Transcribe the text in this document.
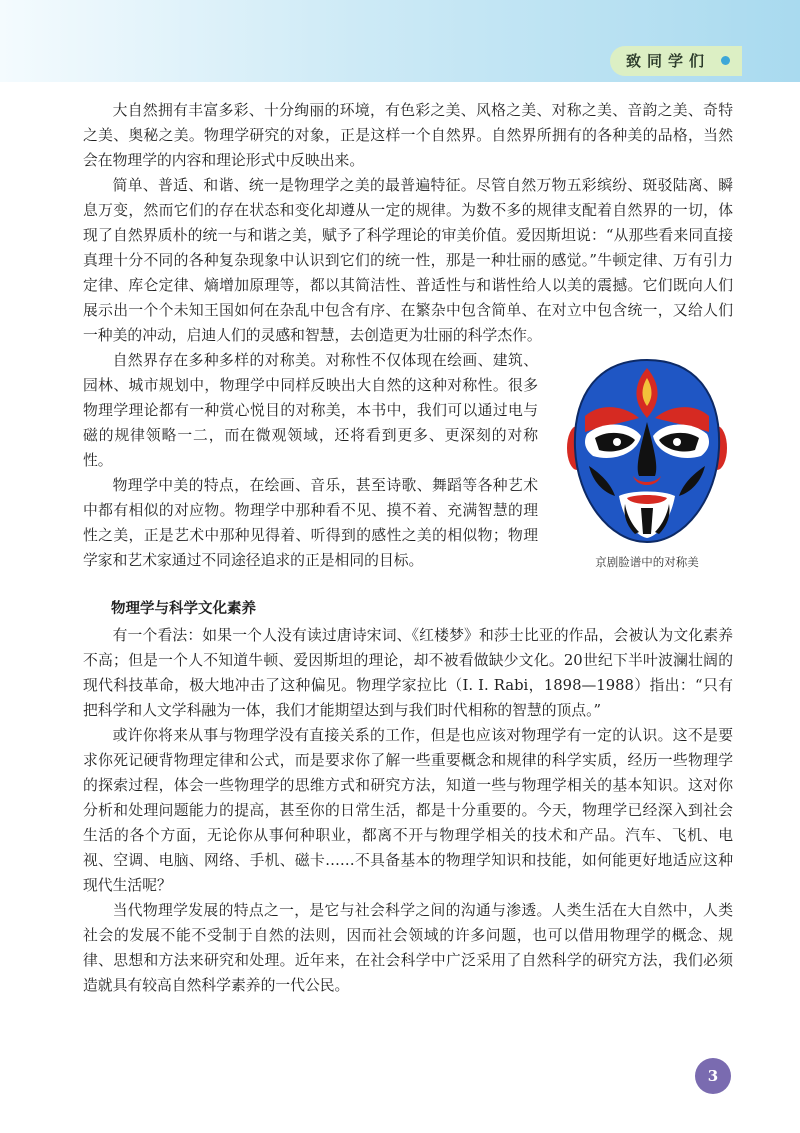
致同学们

大自然拥有丰富多彩、十分绚丽的环境，有色彩之美、风格之美、对称之美、音韵之美、奇特之美、奥秘之美。物理学研究的对象，正是这样一个自然界。自然界所拥有的各种美的品格，当然会在物理学的内容和理论形式中反映出来。

简单、普适、和谐、统一是物理学之美的最普遍特征。尽管自然万物五彩缤纷、斑驳陆离、瞬息万变，然而它们的存在状态和变化却遵从一定的规律。为数不多的规律支配着自然界的一切，体现了自然界质朴的统一与和谐之美，赋予了科学理论的审美价值。爱因斯坦说：“从那些看来同直接真理十分不同的各种复杂现象中认识到它们的统一性，那是一种壮丽的感觉。”牛顿定律、万有引力定律、库仑定律、熵增加原理等，都以其简洁性、普适性与和谐性给人以美的震撼。它们既向人们展示出一个个未知王国如何在杂乱中包含有序、在繁杂中包含简单、在对立中包含统一，又给人们一种美的冲动，启迪人们的灵感和智慧，去创造更为壮丽的科学杰作。

自然界存在多种多样的对称美。对称性不仅体现在绘画、建筑、园林、城市规划中，物理学中同样反映出大自然的这种对称性。很多物理学理论都有一种赏心悦目的对称美，本书中，我们可以通过电与磁的规律领略一二，而在微观领域，还将看到更多、更深刻的对称性。

物理学中美的特点，在绘画、音乐，甚至诗歌、舞蹈等各种艺术中都有相似的对应物。物理学中那种看不见、摸不着、充满智慧的理性之美，正是艺术中那种见得着、听得到的感性之美的相似物；物理学家和艺术家通过不同途径追求的正是相同的目标。	京剧脸谱中的对称美
物理学与科学文化素养

有一个看法：如果一个人没有读过唐诗宋词、《红楼梦》和莎士比亚的作品，会被认为文化素养不高；但是一个人不知道牛顿、爱因斯坦的理论，却不被看做缺少文化。20世纪下半叶波澜壮阔的现代科技革命，极大地冲击了这种偏见。物理学家拉比（I. I. Rabi，1898—1988）指出：“只有把科学和人文学科融为一体，我们才能期望达到与我们时代相称的智慧的顶点。”

或许你将来从事与物理学没有直接关系的工作，但是也应该对物理学有一定的认识。这不是要求你死记硬背物理定律和公式，而是要求你了解一些重要概念和规律的科学实质，经历一些物理学的探索过程，体会一些物理学的思维方式和研究方法，知道一些与物理学相关的基本知识。这对你分析和处理问题能力的提高，甚至你的日常生活，都是十分重要的。今天，物理学已经深入到社会生活的各个方面，无论你从事何种职业，都离不开与物理学相关的技术和产品。汽车、飞机、电视、空调、电脑、网络、手机、磁卡……不具备基本的物理学知识和技能，如何能更好地适应这种现代生活呢？

当代物理学发展的特点之一，是它与社会科学之间的沟通与渗透。人类生活在大自然中，人类社会的发展不能不受制于自然的法则，因而社会领域的许多问题，也可以借用物理学的概念、规律、思想和方法来研究和处理。近年来，在社会科学中广泛采用了自然科学的研究方法，我们必须造就具有较高自然科学素养的一代公民。

3
